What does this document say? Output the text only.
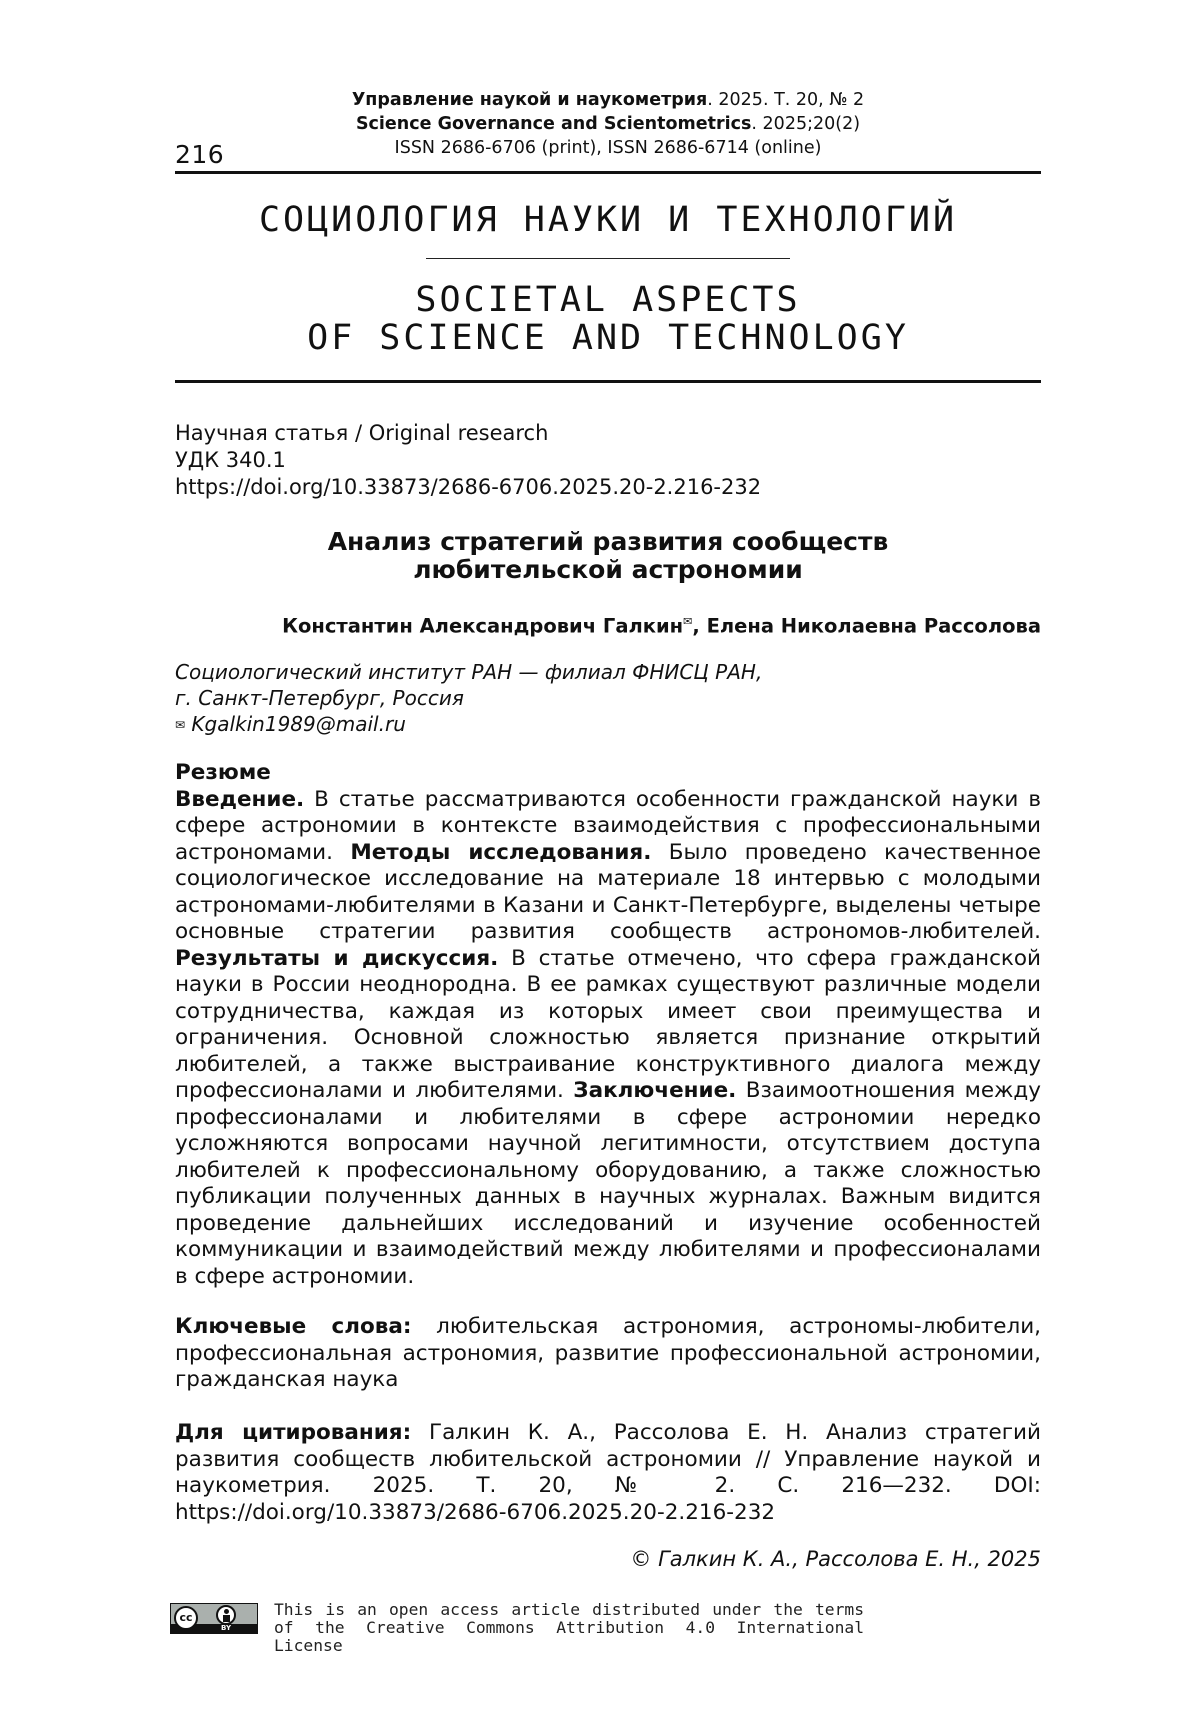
216
Управление наукой и наукометрия. 2025. Т. 20, № 2
Science Governance and Scientometrics. 2025;20(2)
ISSN 2686-6706 (print), ISSN 2686-6714 (online)
СОЦИОЛОГИЯ НАУКИ И ТЕХНОЛОГИЙ
SOCIETAL ASPECTS
OF SCIENCE AND TECHNOLOGY
Научная статья / Original research
УДК 340.1
https://doi.org/10.33873/2686-6706.2025.20-2.216-232
Анализ стратегий развития сообществ
любительской астрономии
Константин Александрович Галкин✉, Елена Николаевна Рассолова
Социологический институт РАН — филиал ФНИСЦ РАН,
г. Санкт-Петербург, Россия
✉ Kgalkin1989@mail.ru
Резюме
Введение. В статье рассматриваются особенности гражданской науки в сфере астрономии в контексте взаимодействия с профессиональными астрономами. Методы исследования. Было проведено качественное социологическое исследование на материале 18 интервью с молодыми астрономами-любителями в Казани и Санкт-Петербурге, выделены четыре основные стратегии развития сообществ астрономов-любителей. Результаты и дискуссия. В статье отмечено, что сфера гражданской науки в России неоднородна. В ее рамках существуют различные модели сотрудничества, каждая из которых имеет свои преимущества и ограничения. Основной сложностью является признание открытий любителей, а также выстраивание конструктивного диалога между профессионалами и любителями. Заключение. Взаимоотношения между профессионалами и любителями в сфере астрономии нередко усложняются вопросами научной легитимности, отсутствием доступа любителей к профессиональному оборудованию, а также сложностью публикации полученных данных в научных журналах. Важным видится проведение дальнейших исследований и изучение особенностей коммуникации и взаимодействий между любителями и профессионалами в сфере астрономии.
Ключевые слова: любительская астрономия, астрономы-любители, профессиональная астрономия, развитие профессиональной астрономии, гражданская наука
Для цитирования: Галкин К. А., Рассолова Е. Н. Анализ стратегий развития сообществ любительской астрономии // Управление наукой и наукометрия. 2025. Т. 20, № 2. С. 216—232. DOI: https://doi.org/10.33873/2686-6706.2025.20-2.216-232
© Галкин К. А., Рассолова Е. Н., 2025
cc
BY
This is an open access article distributed under the terms
of the Creative Commons Attribution 4.0 International License
